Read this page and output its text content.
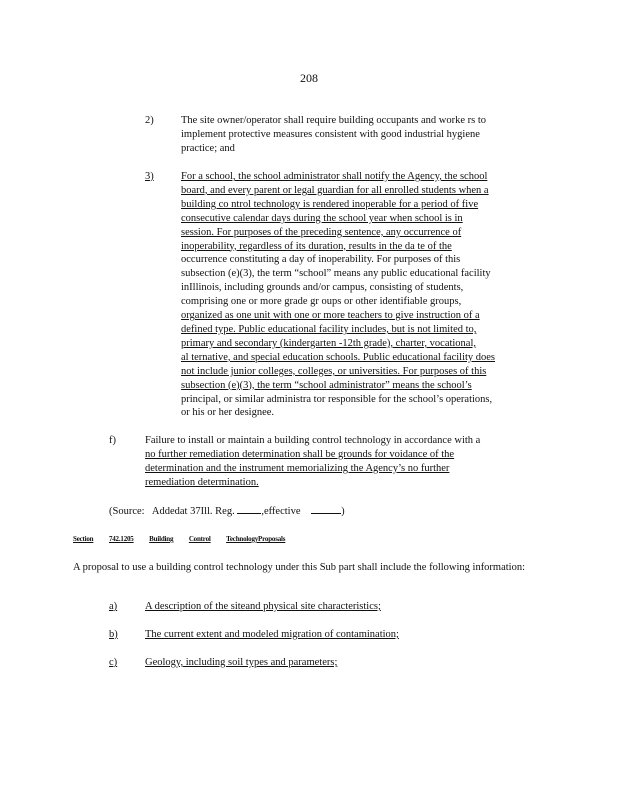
208
2)	The site owner/operator shall require building occupants and worke rs to
implement protective measures consistent with good industrial hygiene
practice; and
3)	For a school, the school administrator shall notify the Agency, the school
board, and every parent or legal guardian for all enrolled students when a
building co ntrol technology is rendered inoperable for a period of five
consecutive calendar days during the school year when school is in
session. For purposes of the preceding sentence, any occurrence of
inoperability, regardless of its duration, results in the da te of the
occurrence constituting a day of inoperability. For purposes of this
subsection (e)(3), the term “school” means any public educational facility
inIllinois, including grounds and/or campus, consisting of students,
comprising one or more grade gr oups or other identifiable groups,
organized as one unit with one or more teachers to give instruction of a
defined type. Public educational facility includes, but is not limited to,
primary and secondary (kindergarten -12th grade), charter, vocational,
al ternative, and special education schools. Public educational facility does
not include junior colleges, colleges, or universities. For purposes of this
subsection (e)(3), the term “school administrator” means the school’s
principal, or similar administra tor responsible for the school’s operations,
or his or her designee.
f)	Failure to install or maintain a building control technology in accordance with a
no further remediation determination shall be grounds for voidance of the
determination and the instrument memorializing the Agency’s no further
remediation determination.
(Source: Addedat 37Ill. Reg.	,effective	)
Section 742.1205 Building Control TechnologyProposals
A proposal to use a building control technology under this Sub part shall include the following information:
a)	A description of the siteand physical site characteristics;
b)	The current extent and modeled migration of contamination;
c)	Geology, including soil types and parameters;
